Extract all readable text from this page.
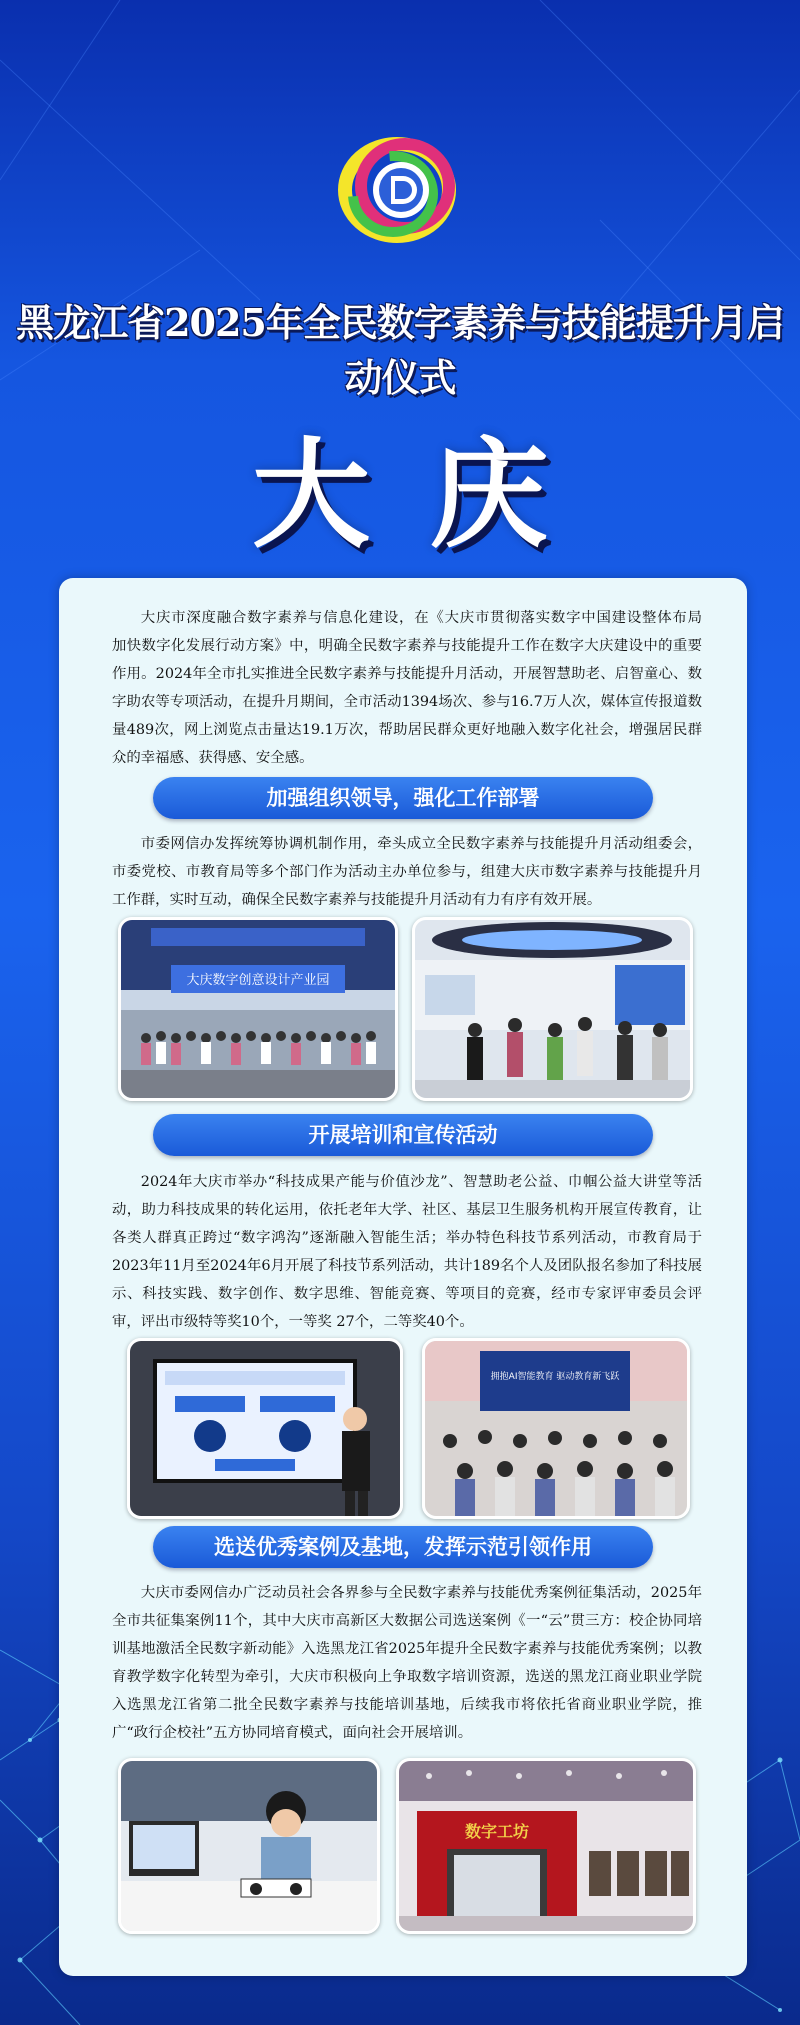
黑龙江省2025年全民数字素养与技能提升月启动仪式
大庆

大庆市深度融合数字素养与信息化建设，在《大庆市贯彻落实数字中国建设整体布局　加快数字化发展行动方案》中，明确全民数字素养与技能提升工作在数字大庆建设中的重要作用。2024年全市扎实推进全民数字素养与技能提升月活动，开展智慧助老、启智童心、数字助农等专项活动，在提升月期间，全市活动1394场次、参与16.7万人次，媒体宣传报道数量489次，网上浏览点击量达19.1万次，帮助居民群众更好地融入数字化社会，增强居民群众的幸福感、获得感、安全感。

加强组织领导，强化工作部署

市委网信办发挥统筹协调机制作用，牵头成立全民数字素养与技能提升月活动组委会，市委党校、市教育局等多个部门作为活动主办单位参与，组建大庆市数字素养与技能提升月工作群，实时互动，确保全民数字素养与技能提升月活动有力有序有效开展。

大庆数字创意设计产业园
开展培训和宣传活动

2024年大庆市举办“科技成果产能与价值沙龙”、智慧助老公益、巾帼公益大讲堂等活动，助力科技成果的转化运用，依托老年大学、社区、基层卫生服务机构开展宣传教育，让各类人群真正跨过“数字鸿沟”逐渐融入智能生活；举办特色科技节系列活动，市教育局于2023年11月至2024年6月开展了科技节系列活动，共计189名个人及团队报名参加了科技展示、科技实践、数字创作、数字思维、智能竞赛、等项目的竞赛，经市专家评审委员会评审，评出市级特等奖10个，一等奖 27个，二等奖40个。

拥抱AI智能教育 驱动教育新飞跃
选送优秀案例及基地，发挥示范引领作用

大庆市委网信办广泛动员社会各界参与全民数字素养与技能优秀案例征集活动，2025年全市共征集案例11个，其中大庆市高新区大数据公司选送案例《一“云”贯三方：校企协同培训基地激活全民数字新动能》入选黑龙江省2025年提升全民数字素养与技能优秀案例；以教育教学数字化转型为牵引，大庆市积极向上争取数字培训资源，选送的黑龙江商业职业学院入选黑龙江省第二批全民数字素养与技能培训基地，后续我市将依托省商业职业学院，推广“政行企校社”五方协同培育模式，面向社会开展培训。

数字工坊
